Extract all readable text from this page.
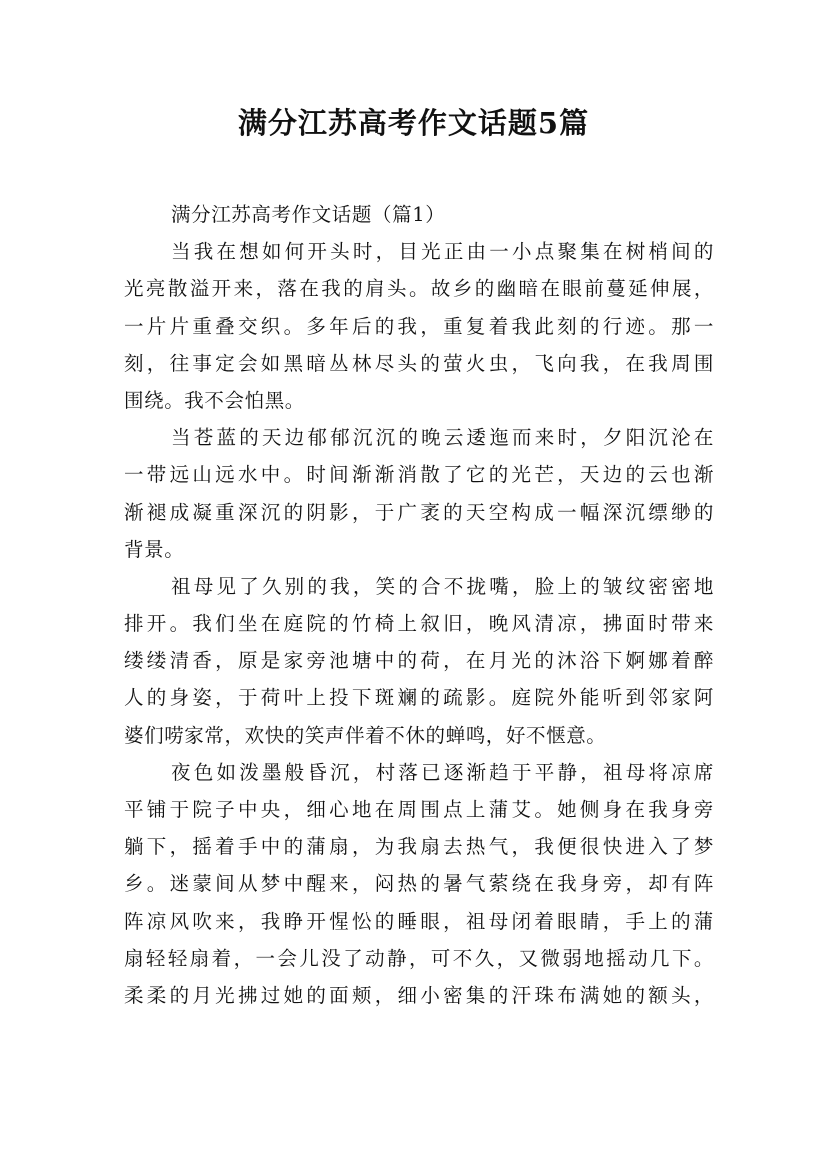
满分江苏高考作文话题5篇
满分江苏高考作文话题（篇1）
当我在想如何开头时，目光正由一小点聚集在树梢间的
光亮散溢开来，落在我的肩头。故乡的幽暗在眼前蔓延伸展，
一片片重叠交织。多年后的我，重复着我此刻的行迹。那一
刻，往事定会如黑暗丛林尽头的萤火虫，飞向我，在我周围
围绕。我不会怕黑。
当苍蓝的天边郁郁沉沉的晚云逶迤而来时，夕阳沉沦在
一带远山远水中。时间渐渐消散了它的光芒，天边的云也渐
渐褪成凝重深沉的阴影，于广袤的天空构成一幅深沉缥缈的
背景。
祖母见了久别的我，笑的合不拢嘴，脸上的皱纹密密地
排开。我们坐在庭院的竹椅上叙旧，晚风清凉，拂面时带来
缕缕清香，原是家旁池塘中的荷，在月光的沐浴下婀娜着醉
人的身姿，于荷叶上投下斑斓的疏影。庭院外能听到邻家阿
婆们唠家常，欢快的笑声伴着不休的蝉鸣，好不惬意。
夜色如泼墨般昏沉，村落已逐渐趋于平静，祖母将凉席
平铺于院子中央，细心地在周围点上蒲艾。她侧身在我身旁
躺下，摇着手中的蒲扇，为我扇去热气，我便很快进入了梦
乡。迷蒙间从梦中醒来，闷热的暑气萦绕在我身旁，却有阵
阵凉风吹来，我睁开惺忪的睡眼，祖母闭着眼睛，手上的蒲
扇轻轻扇着，一会儿没了动静，可不久，又微弱地摇动几下。
柔柔的月光拂过她的面颊，细小密集的汗珠布满她的额头，
